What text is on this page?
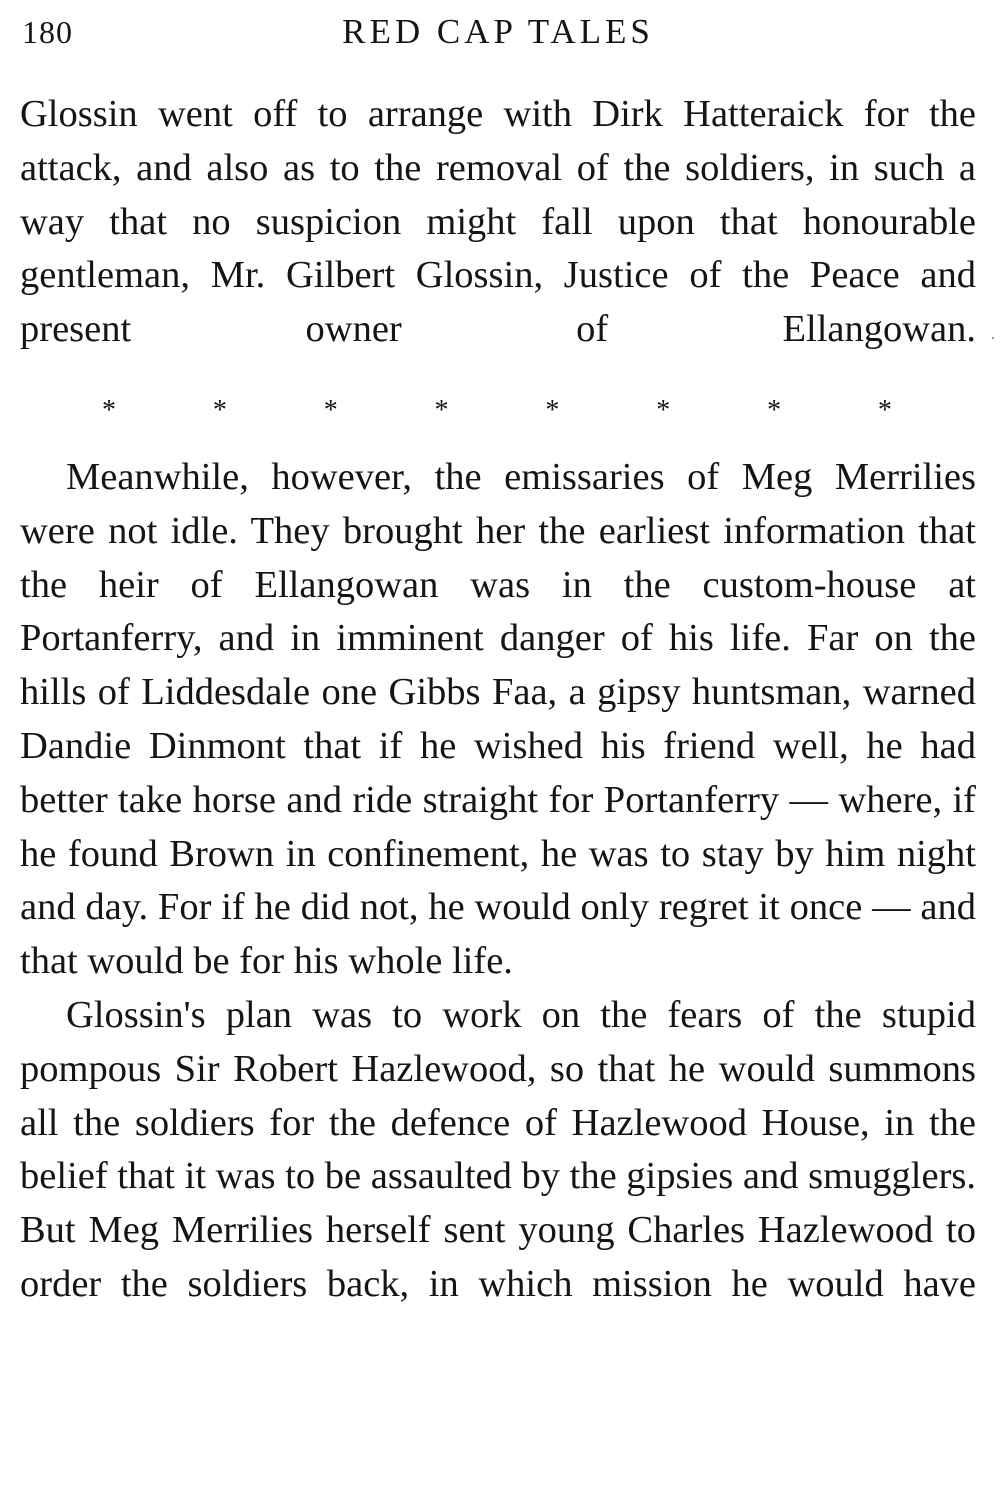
180	RED CAP TALES
·

Glossin went off to arrange with Dirk Hatteraick for the attack, and also as to the removal of the soldiers, in such a way that no suspicion might fall upon that honourable gentleman, Mr. Gilbert Glossin, Justice of the Peace and present owner of Ellangowan.

*	*	*	*	*	*	*	*

Meanwhile, however, the emissaries of Meg Merrilies were not idle. They brought her the earliest information that the heir of Ellangowan was in the custom-house at Portanferry, and in imminent danger of his life. Far on the hills of Liddesdale one Gibbs Faa, a gipsy huntsman, warned Dandie Dinmont that if he wished his friend well, he had better take horse and ride straight for Portanferry — where, if he found Brown in confinement, he was to stay by him night and day. For if he did not, he would only regret it once — and that would be for his whole life.

Glossin's plan was to work on the fears of the stupid pompous Sir Robert Hazlewood, so that he would summons all the soldiers for the defence of Hazlewood House, in the belief that it was to be assaulted by the gipsies and smugglers. But Meg Merrilies herself sent young Charles Hazlewood to order the soldiers back, in which mission he would have
